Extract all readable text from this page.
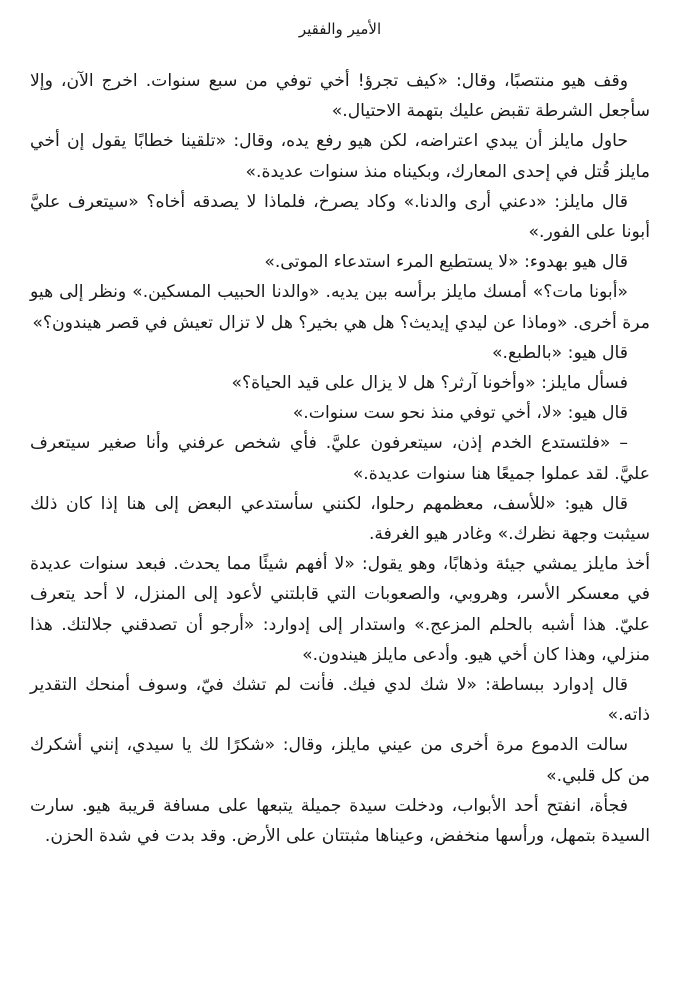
الأمير والفقير

وقف هيو منتصبًا، وقال: «كيف تجرؤ! أخي توفي من سبع سنوات. اخرج الآن، وإلا سأجعل الشرطة تقبض عليك بتهمة الاحتيال.»

حاول مايلز أن يبدي اعتراضه، لكن هيو رفع يده، وقال: «تلقينا خطابًا يقول إن أخي مايلز قُتل في إحدى المعارك، وبكيناه منذ سنوات عديدة.»

قال مايلز: «دعني أرى والدنا.» وكاد يصرخ، فلماذا لا يصدقه أخاه؟ «سيتعرف عليَّ أبونا على الفور.»

قال هيو بهدوء: «لا يستطيع المرء استدعاء الموتى.»

«أبونا مات؟» أمسك مايلز برأسه بين يديه. «والدنا الحبيب المسكين.» ونظر إلى هيو مرة أخرى. «وماذا عن ليدي إيديث؟ هل هي بخير؟ هل لا تزال تعيش في قصر هيندون؟»

قال هيو: «بالطبع.»

فسأل مايلز: «وأخونا آرثر؟ هل لا يزال على قيد الحياة؟»

قال هيو: «لا، أخي توفي منذ نحو ست سنوات.»

– «فلتستدع الخدم إذن، سيتعرفون عليَّ. فأي شخص عرفني وأنا صغير سيتعرف عليَّ. لقد عملوا جميعًا هنا سنوات عديدة.»

قال هيو: «للأسف، معظمهم رحلوا، لكنني سأستدعي البعض إلى هنا إذا كان ذلك سيثبت وجهة نظرك.» وغادر هيو الغرفة.

أخذ مايلز يمشي جيئة وذهابًا، وهو يقول: «لا أفهم شيئًا مما يحدث. فبعد سنوات عديدة في معسكر الأسر، وهروبي، والصعوبات التي قابلتني لأعود إلى المنزل، لا أحد يتعرف عليّ. هذا أشبه بالحلم المزعج.» واستدار إلى إدوارد: «أرجو أن تصدقني جلالتك. هذا منزلي، وهذا كان أخي هيو. وأدعى مايلز هيندون.»

قال إدوارد ببساطة: «لا شك لدي فيك. فأنت لم تشك فيّ، وسوف أمنحك التقدير ذاته.»

سالت الدموع مرة أخرى من عيني مايلز، وقال: «شكرًا لك يا سيدي، إنني أشكرك من كل قلبي.»

فجأة، انفتح أحد الأبواب، ودخلت سيدة جميلة يتبعها على مسافة قريبة هيو. سارت السيدة بتمهل، ورأسها منخفض، وعيناها مثبتتان على الأرض. وقد بدت في شدة الحزن.
